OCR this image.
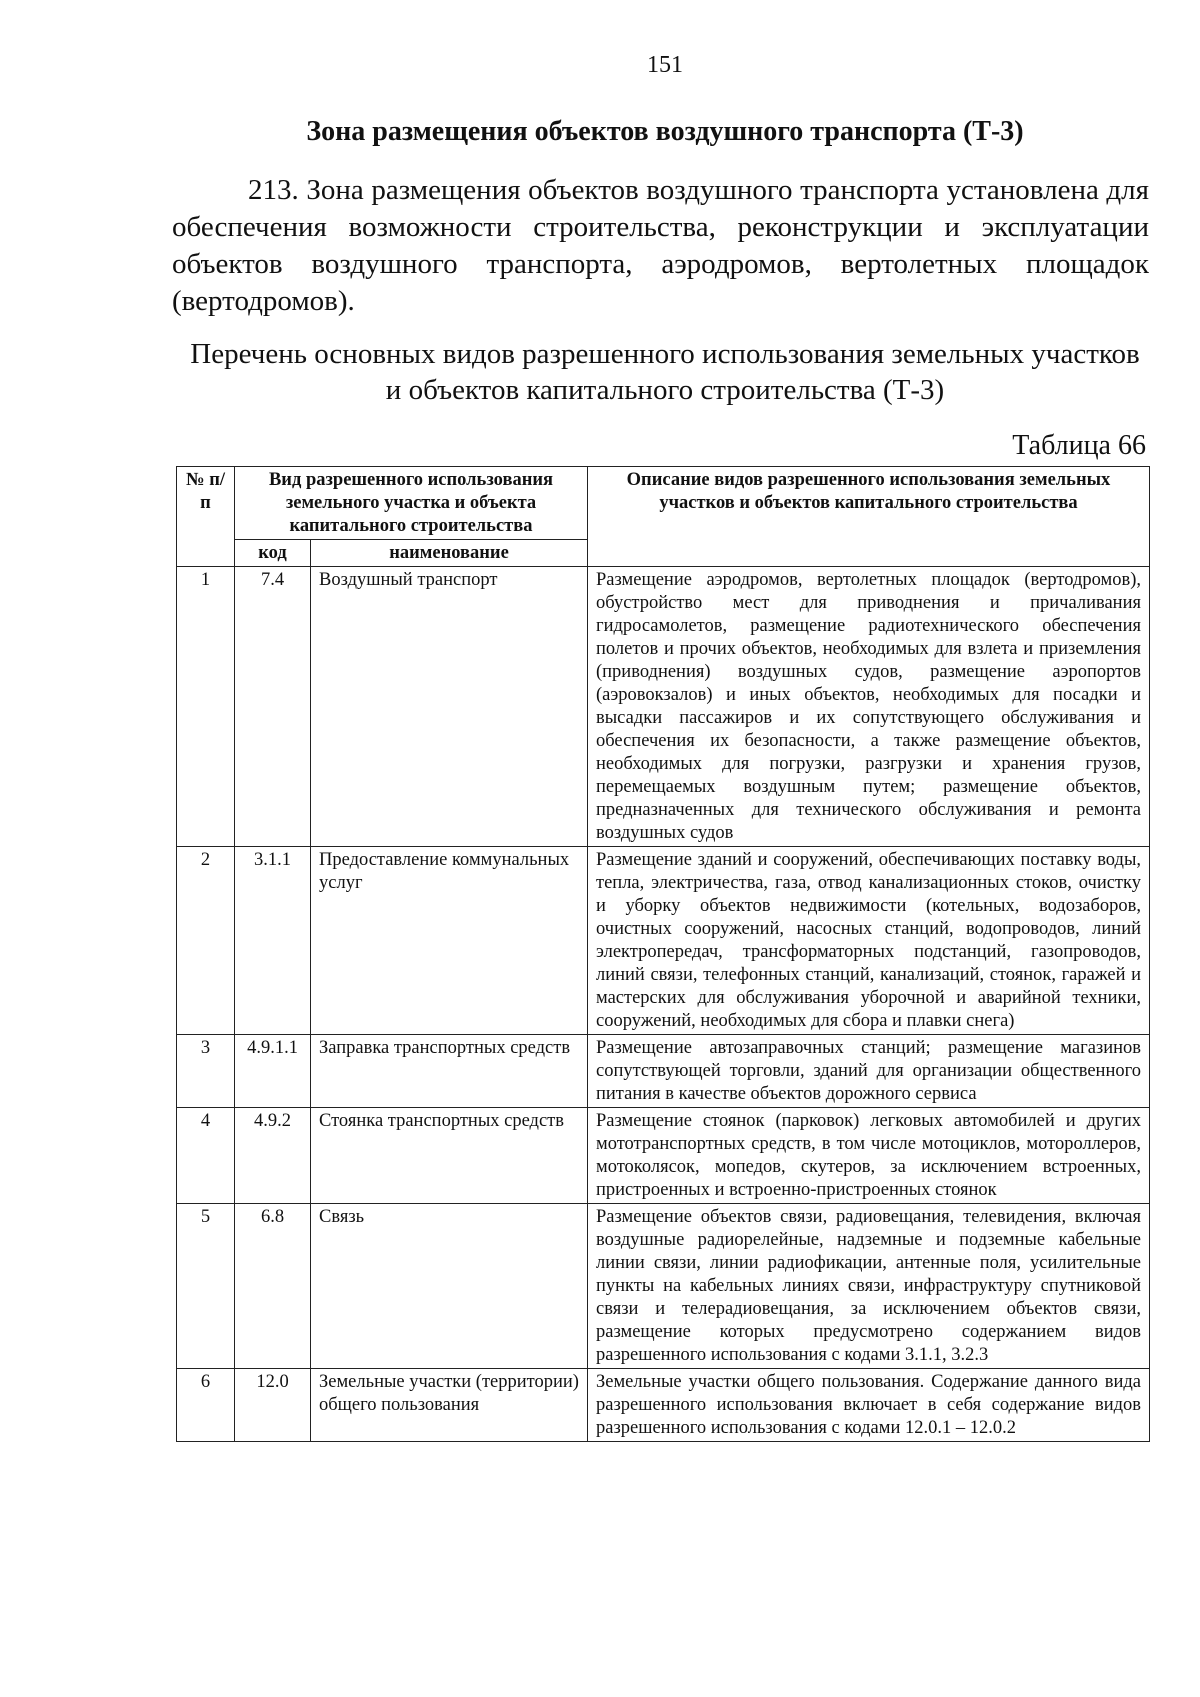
151
Зона размещения объектов воздушного транспорта (Т-3)

213. Зона размещения объектов воздушного транспорта установлена для обеспечения возможности строительства, реконструкции и эксплуатации объектов воздушного транспорта, аэродромов, вертолетных площадок (вертодромов).

Перечень основных видов разрешенного использования земельных участков
и объектов капитального строительства (Т-3)
Таблица 66
№ п/п	Вид разрешенного использования земельного участка и объекта капитального строительства		Описание видов разрешенного использования земельных участков и объектов капитального строительства
	код	наименование	
1	7.4	Воздушный транспорт	Размещение аэродромов, вертолетных площадок (вертодромов), обустройство мест для приводнения и причаливания гидросамолетов, размещение радиотехнического обеспечения полетов и прочих объектов, необходимых для взлета и приземления (приводнения) воздушных судов, размещение аэропортов (аэровокзалов) и иных объектов, необходимых для посадки и высадки пассажиров и их сопутствующего обслуживания и обеспечения их безопасности, а также размещение объектов, необходимых для погрузки, разгрузки и хранения грузов, перемещаемых воздушным путем; размещение объектов, предназначенных для технического обслуживания и ремонта воздушных судов
2	3.1.1	Предоставление коммунальных услуг	Размещение зданий и сооружений, обеспечивающих поставку воды, тепла, электричества, газа, отвод канализационных стоков, очистку и уборку объектов недвижимости (котельных, водозаборов, очистных сооружений, насосных станций, водопроводов, линий электропередач, трансформаторных подстанций, газопроводов, линий связи, телефонных станций, канализаций, стоянок, гаражей и мастерских для обслуживания уборочной и аварийной техники, сооружений, необходимых для сбора и плавки снега)
3	4.9.1.1	Заправка транспортных средств	Размещение автозаправочных станций; размещение магазинов сопутствующей торговли, зданий для организации общественного питания в качестве объектов дорожного сервиса
4	4.9.2	Стоянка транспортных средств	Размещение стоянок (парковок) легковых автомобилей и других мототранспортных средств, в том числе мотоциклов, мотороллеров, мотоколясок, мопедов, скутеров, за исключением встроенных, пристроенных и встроенно-пристроенных стоянок
5	6.8	Связь	Размещение объектов связи, радиовещания, телевидения, включая воздушные радиорелейные, надземные и подземные кабельные линии связи, линии радиофикации, антенные поля, усилительные пункты на кабельных линиях связи, инфраструктуру спутниковой связи и телерадиовещания, за исключением объектов связи, размещение которых предусмотрено содержанием видов разрешенного использования с кодами 3.1.1, 3.2.3
6	12.0	Земельные участки (территории) общего пользования	Земельные участки общего пользования. Содержание данного вида разрешенного использования включает в себя содержание видов разрешенного использования с кодами 12.0.1 – 12.0.2
